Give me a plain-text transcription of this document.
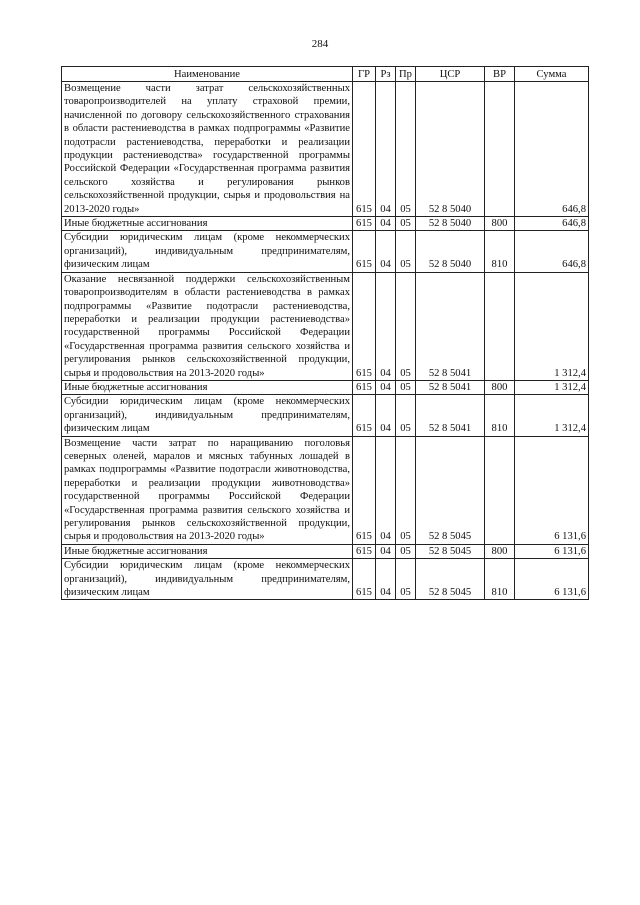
284
Наименование	ГР	Рз	Пр	ЦСР	ВР	Сумма
Возмещение части затрат сельскохозяйственных товаропроизводителей на уплату страховой премии, начисленной по договору сельскохозяйственного страхования в области растениеводства в рамках подпрограммы «Развитие подотрасли растениеводства, переработки и реализации продукции растениеводства» государственной программы Российской Федерации «Государственная программа развития сельского хозяйства и регулирования рынков сельскохозяйственной продукции, сырья и продовольствия на 2013-2020 годы»	615	04	05	52 8 5040		646,8
Иные бюджетные ассигнования	615	04	05	52 8 5040	800	646,8
Субсидии юридическим лицам (кроме некоммерческих организаций), индивидуальным предпринимателям, физическим лицам	615	04	05	52 8 5040	810	646,8
Оказание несвязанной поддержки сельскохозяйственным товаропроизводителям в области растениеводства в рамках подпрограммы «Развитие подотрасли растениеводства, переработки и реализации продукции растениеводства» государственной программы Российской Федерации «Государственная программа развития сельского хозяйства и регулирования рынков сельскохозяйственной продукции, сырья и продовольствия на 2013-2020 годы»	615	04	05	52 8 5041		1 312,4
Иные бюджетные ассигнования	615	04	05	52 8 5041	800	1 312,4
Субсидии юридическим лицам (кроме некоммерческих организаций), индивидуальным предпринимателям, физическим лицам	615	04	05	52 8 5041	810	1 312,4
Возмещение части затрат по наращиванию поголовья северных оленей, маралов и мясных табунных лошадей в рамках подпрограммы «Развитие подотрасли животноводства, переработки и реализации продукции животноводства» государственной программы Российской Федерации «Государственная программа развития сельского хозяйства и регулирования рынков сельскохозяйственной продукции, сырья и продовольствия на 2013-2020 годы»	615	04	05	52 8 5045		6 131,6
Иные бюджетные ассигнования	615	04	05	52 8 5045	800	6 131,6
Субсидии юридическим лицам (кроме некоммерческих организаций), индивидуальным предпринимателям, физическим лицам	615	04	05	52 8 5045	810	6 131,6
